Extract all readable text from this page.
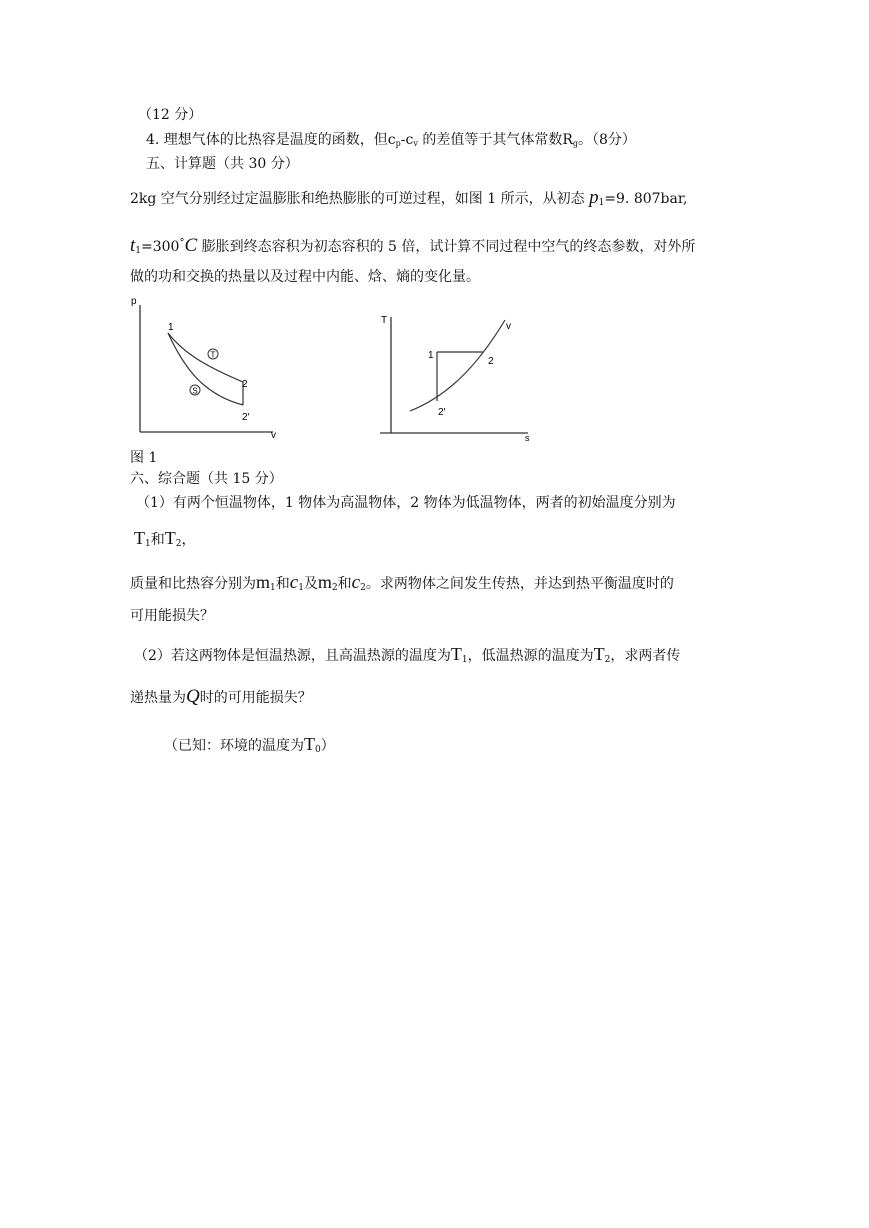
（12 分）
4. 理想气体的比热容是温度的函数，但$c_p-c_v$ 的差值等于其气体常数$R_g$。（8分）
五、计算题（共 30 分）
2kg 空气分别经过定温膨胀和绝热膨胀的可逆过程，如图 1 所示，从初态 $p_1=9$. 807bar,
$t_1=300^\circ C$ 膨胀到终态容积为初态容积的 5 倍，试计算不同过程中空气的终态参数，对外所
做的功和交换的热量以及过程中内能、焓、熵的变化量。
p
v
1
2
2′
T
S
T
s
v
1
2
2′
图 1
六、综合题（共 15 分）
（1）有两个恒温物体，1 物体为高温物体，2 物体为低温物体，两者的初始温度分别为
$T_1$和$T_2$，
质量和比热容分别为$m_1$和$c_1$及$m_2$和$c_2$。求两物体之间发生传热，并达到热平衡温度时的
可用能损失？
（2）若这两物体是恒温热源，且高温热源的温度为$T_1$，低温热源的温度为$T_2$，求两者传
递热量为Q时的可用能损失？
（已知：环境的温度为$T_0$）
